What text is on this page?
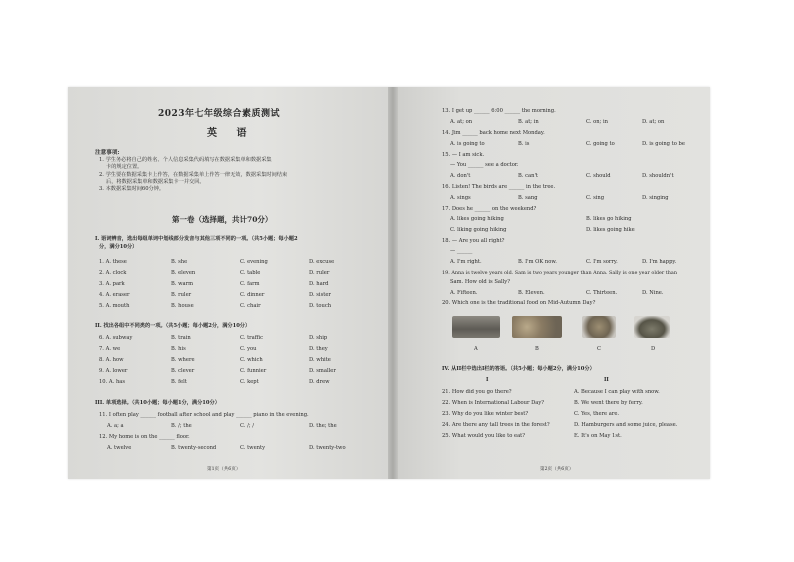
2023年七年级综合素质测试
英 语
注意事项:
1. 学生务必将自己的姓名、个人信息采集代码填写在数据采集单和数据采集
卡的规定位置。
2. 学生要在数据采集卡上作答，在数据采集单上作答一律无效，数据采集时间结束
后，将数据采集单和数据采集卡一并交回。
3. 本数据采集时间60分钟。
第一卷（选择题，共计70分）
I. 语词辨音，选出每组单词中划线部分发音与其他三项不同的一项。（共5小题；每小题2
分，满分10分）
1. A. these	B. she	C. evening	D. excuse
2. A. clock	B. eleven	C. table	D. ruler
3. A. park	B. warm	C. farm	D. hard
4. A. eraser	B. ruler	C. dinner	D. sister
5. A. mouth	B. house	C. chair	D. touch
II. 找出各组中不同类的一项。（共5小题；每小题2分，满分10分）
6. A. subway	B. train	C. traffic	D. ship
7. A. we	B. his	C. you	D. they
8. A. how	B. where	C. which	D. white
9. A. lower	B. clever	C. funnier	D. smaller
10. A. has	B. felt	C. kept	D. drew
III. 单项选择。（共10小题；每小题1分，满分10分）
11. I often play ______ football after school and play ______ piano in the evening.
A. a; a	B. /; the	C. /; /	D. the; the
12. My home is on the ______ floor.
A. twelve	B. twenty-second	C. twenty	D. twenty-two
第1页（共6页）
13. I get up ______ 6:00 ______ the morning.
A. at; on	B. at; in	C. on; in	D. at; on
14. Jim ______ back home next Monday.
A. is going to	B. is	C. going to	D. is going to be
15. — I am sick.
— You ______ see a doctor.
A. don't	B. can't	C. should	D. shouldn't
16. Listen! The birds are ______ in the tree.
A. sings	B. sang	C. sing	D. singing
17. Does he ______ on the weekend?
A. likes going hiking	B. likes go hiking
C. liking going hiking	D. likes going hike
18. — Are you all right?
— ______
A. I'm right.	B. I'm OK now.	C. I'm sorry.	D. I'm happy.
19. Anna is twelve years old. Sam is two years younger than Anna. Sally is one year older than
Sam. How old is Sally?
A. Fifteen.	B. Eleven.	C. Thirteen.	D. Nine.
20. Which one is the traditional food on Mid-Autumn Day?
A	B	C	D
IV. 从II栏中选出I栏的答语。（共5小题；每小题2分，满分10分）
I	II
21. How did you go there?	A. Because I can play with snow.
22. When is International Labour Day?	B. We went there by ferry.
23. Why do you like winter best?	C. Yes, there are.
24. Are there any tall trees in the forest?	D. Hamburgers and some juice, please.
25. What would you like to eat?	E. It's on May 1st.
第2页（共6页）
